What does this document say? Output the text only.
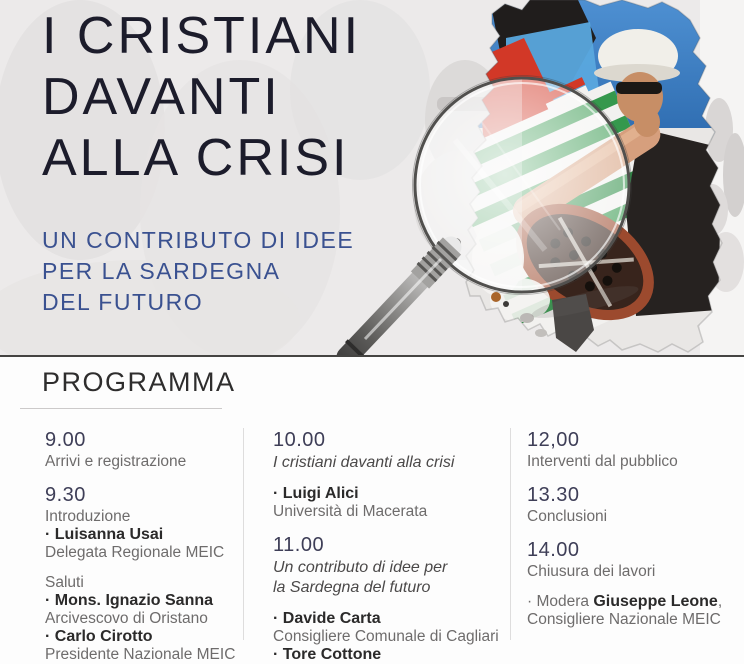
I CRISTIANI
DAVANTI
ALLA CRISI
UN CONTRIBUTO DI IDEE
PER LA SARDEGNA
DEL FUTURO
PROGRAMMA
9.00
Arrivi e registrazione
9.30
Introduzione
· Luisanna Usai
Delegata Regionale MEIC
Saluti
· Mons. Ignazio Sanna
Arcivescovo di Oristano
· Carlo Cirotto
Presidente Nazionale MEIC
10.00
I cristiani davanti alla crisi
· Luigi Alici
Università di Macerata
11.00
Un contributo di idee per
la Sardegna del futuro
· Davide Carta
Consigliere Comunale di Cagliari
· Tore Cottone
12,00
Interventi dal pubblico
13.30
Conclusioni
14.00
Chiusura dei lavori
· Modera Giuseppe Leone,
Consigliere Nazionale MEIC
